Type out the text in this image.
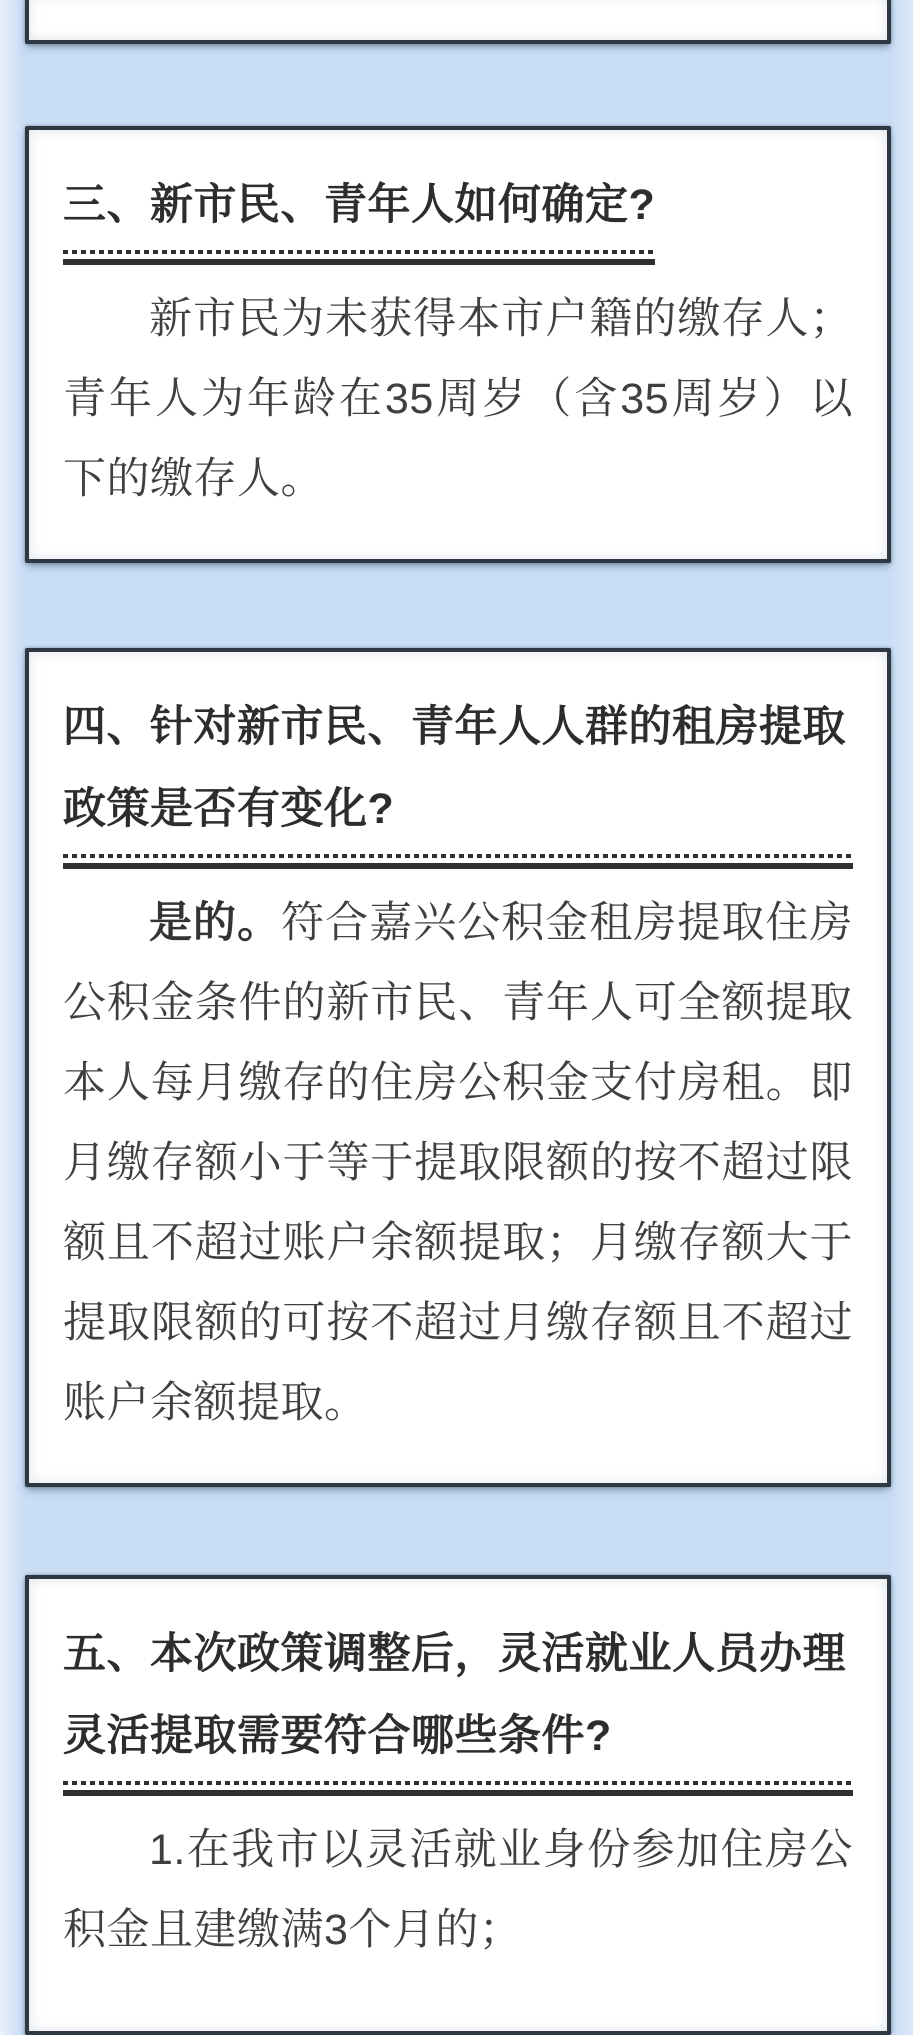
三、新市民、青年人如何确定?

新市民为未获得本市户籍的缴存人；青年人为年龄在35周岁（含35周岁）以下的缴存人。

四、针对新市民、青年人人群的租房提取政策是否有变化?

是的。符合嘉兴公积金租房提取住房公积金条件的新市民、青年人可全额提取本人每月缴存的住房公积金支付房租。即月缴存额小于等于提取限额的按不超过限额且不超过账户余额提取；月缴存额大于提取限额的可按不超过月缴存额且不超过账户余额提取。

五、本次政策调整后，灵活就业人员办理灵活提取需要符合哪些条件?

1.在我市以灵活就业身份参加住房公积金且建缴满3个月的；
